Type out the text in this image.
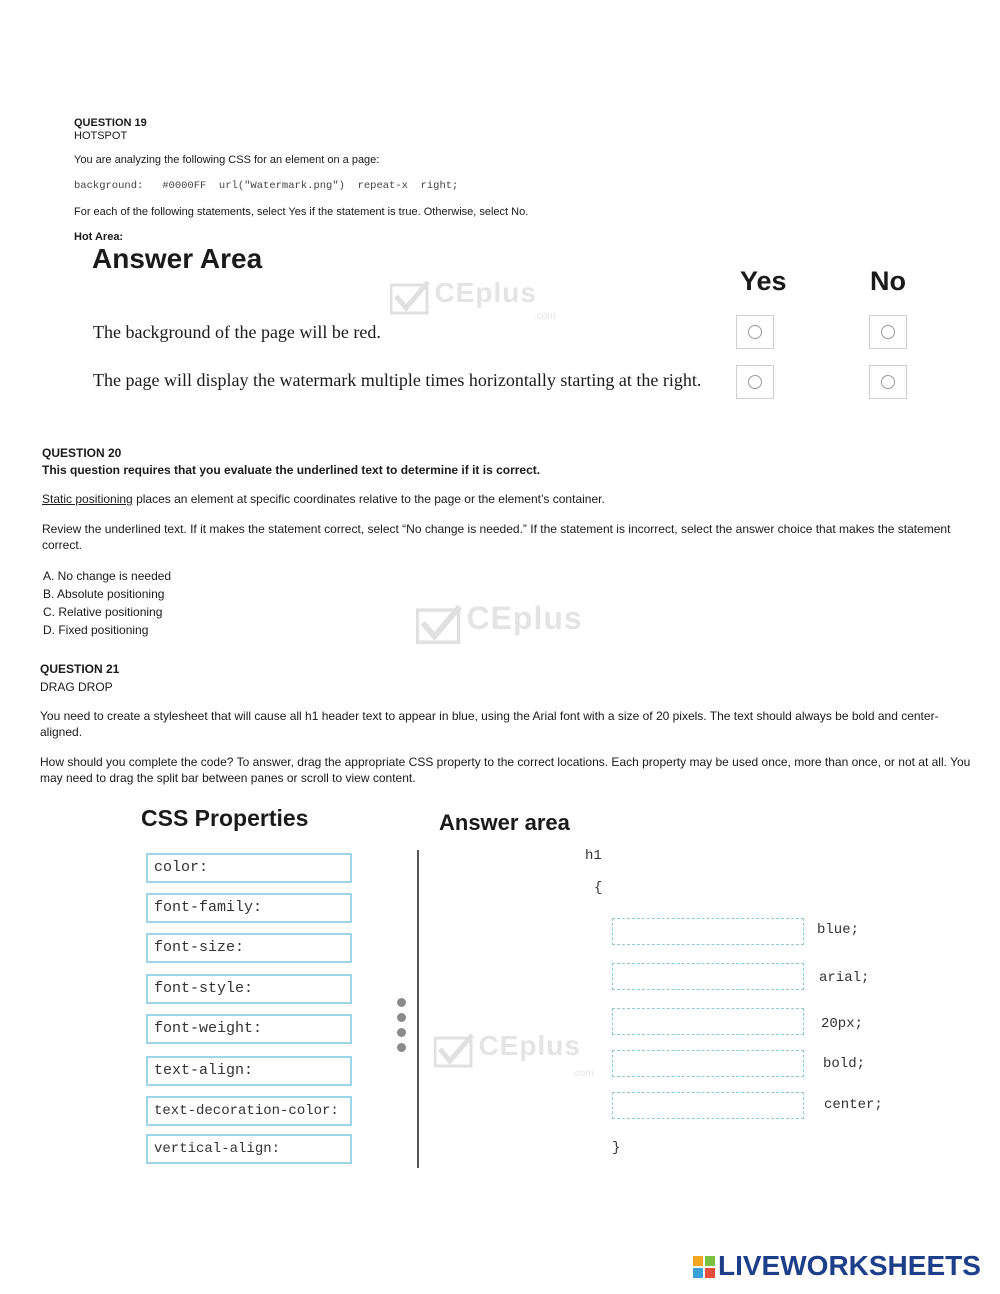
QUESTION 19
HOTSPOT
You are analyzing the following CSS for an element on a page:
background:   #0000FF  url("Watermark.png")  repeat-x  right;
For each of the following statements, select Yes if the statement is true. Otherwise, select No.
Hot Area:
Answer Area
Yes	No
CEplus
.com
The background of the page will be red.
The page will display the watermark multiple times horizontally starting at the right.
QUESTION 20
This question requires that you evaluate the underlined text to determine if it is correct.
Static positioning places an element at specific coordinates relative to the page or the element’s container.
Review the underlined text. If it makes the statement correct, select “No change is needed.” If the statement is incorrect, select the answer choice that makes the statement correct.
A. No change is needed
B. Absolute positioning
C. Relative positioning
D. Fixed positioning	CEplus
QUESTION 21
DRAG DROP
You need to create a stylesheet that will cause all h1 header text to appear in blue, using the Arial font with a size of 20 pixels. The text should always be bold and center-aligned.
How should you complete the code? To answer, drag the appropriate CSS property to the correct locations. Each property may be used once, more than once, or not at all. You may need to drag the split bar between panes or scroll to view content.
CSS Properties	Answer area
color:
font-family:
font-size:
font-style:
font-weight:
text-align:
text-decoration-color:
vertical-align:
CEplus
.com
h1
{
blue;
arial;
20px;
bold;
center;
}
LIVEWORKSHEETS
